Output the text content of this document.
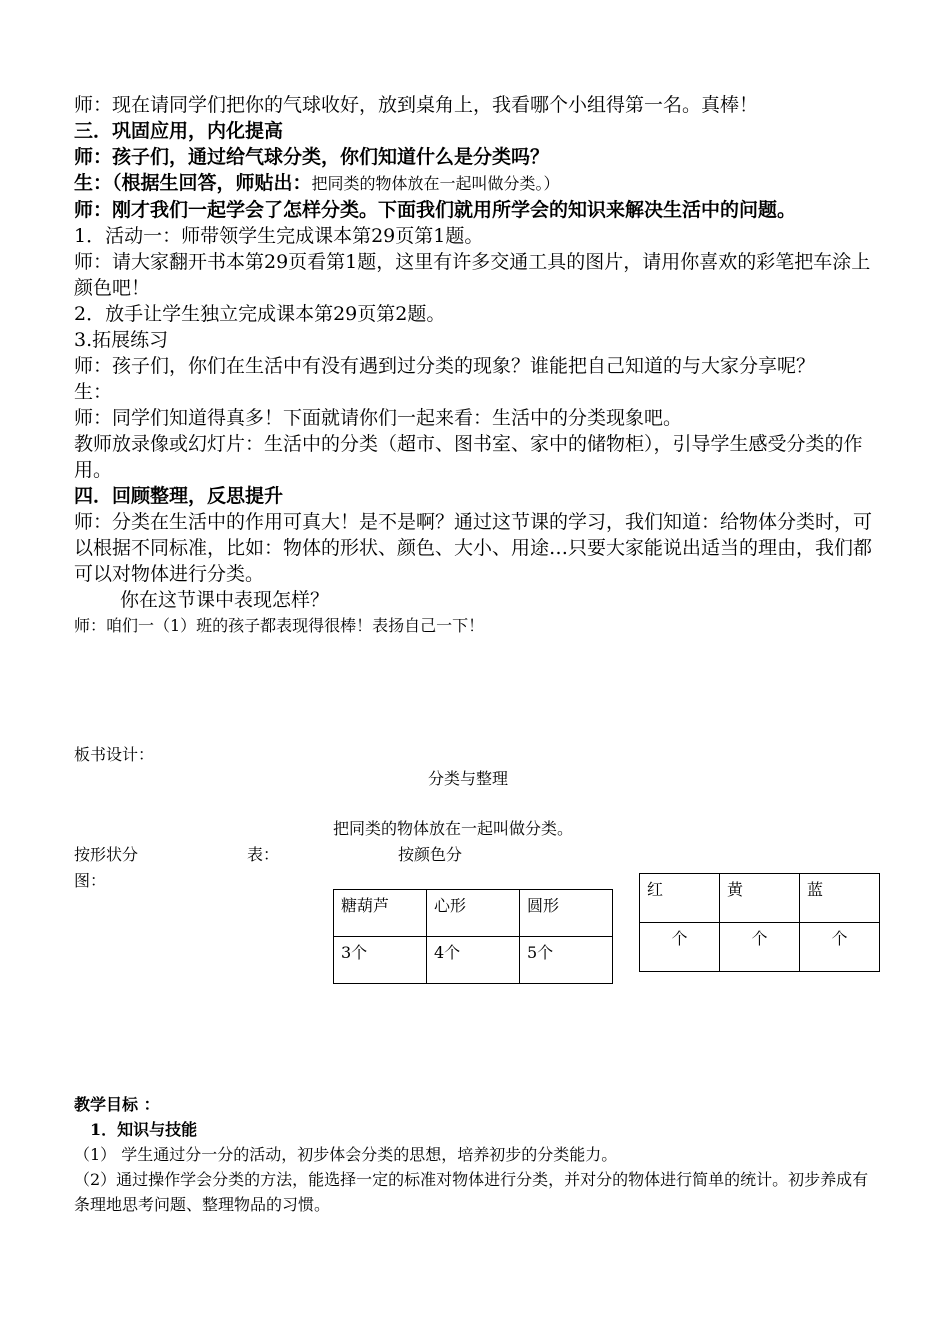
师：现在请同学们把你的气球收好，放到桌角上，我看哪个小组得第一名。真棒！

三．巩固应用，内化提高

师：孩子们，通过给气球分类，你们知道什么是分类吗？

生：（根据生回答，师贴出：把同类的物体放在一起叫做分类。）

师：刚才我们一起学会了怎样分类。下面我们就用所学会的知识来解决生活中的问题。

1．活动一：师带领学生完成课本第29页第1题。

师：请大家翻开书本第29页看第1题，这里有许多交通工具的图片，请用你喜欢的彩笔把车涂上颜色吧！

2．放手让学生独立完成课本第29页第2题。

3.拓展练习

师：孩子们，你们在生活中有没有遇到过分类的现象？谁能把自己知道的与大家分享呢？

生：

师：同学们知道得真多！下面就请你们一起来看：生活中的分类现象吧。

教师放录像或幻灯片：生活中的分类（超市、图书室、家中的储物柜），引导学生感受分类的作用。

四．回顾整理，反思提升

师：分类在生活中的作用可真大！是不是啊？通过这节课的学习，我们知道：给物体分类时，可以根据不同标准，比如：物体的形状、颜色、大小、用途…只要大家能说出适当的理由，我们都可以对物体进行分类。

你在这节课中表现怎样？

师：咱们一（1）班的孩子都表现得很棒！表扬自己一下！

板书设计：
分类与整理
把同类的物体放在一起叫做分类。
按形状分	表：	按颜色分
图：
糖葫芦	心形	圆形
3个	4个	5个
红	黄	蓝
个	个	个

教学目标 ：

1．知识与技能

（1） 学生通过分一分的活动，初步体会分类的思想，培养初步的分类能力。

（2）通过操作学会分类的方法，能选择一定的标准对物体进行分类，并对分的物体进行简单的统计。初步养成有条理地思考问题、整理物品的习惯。
